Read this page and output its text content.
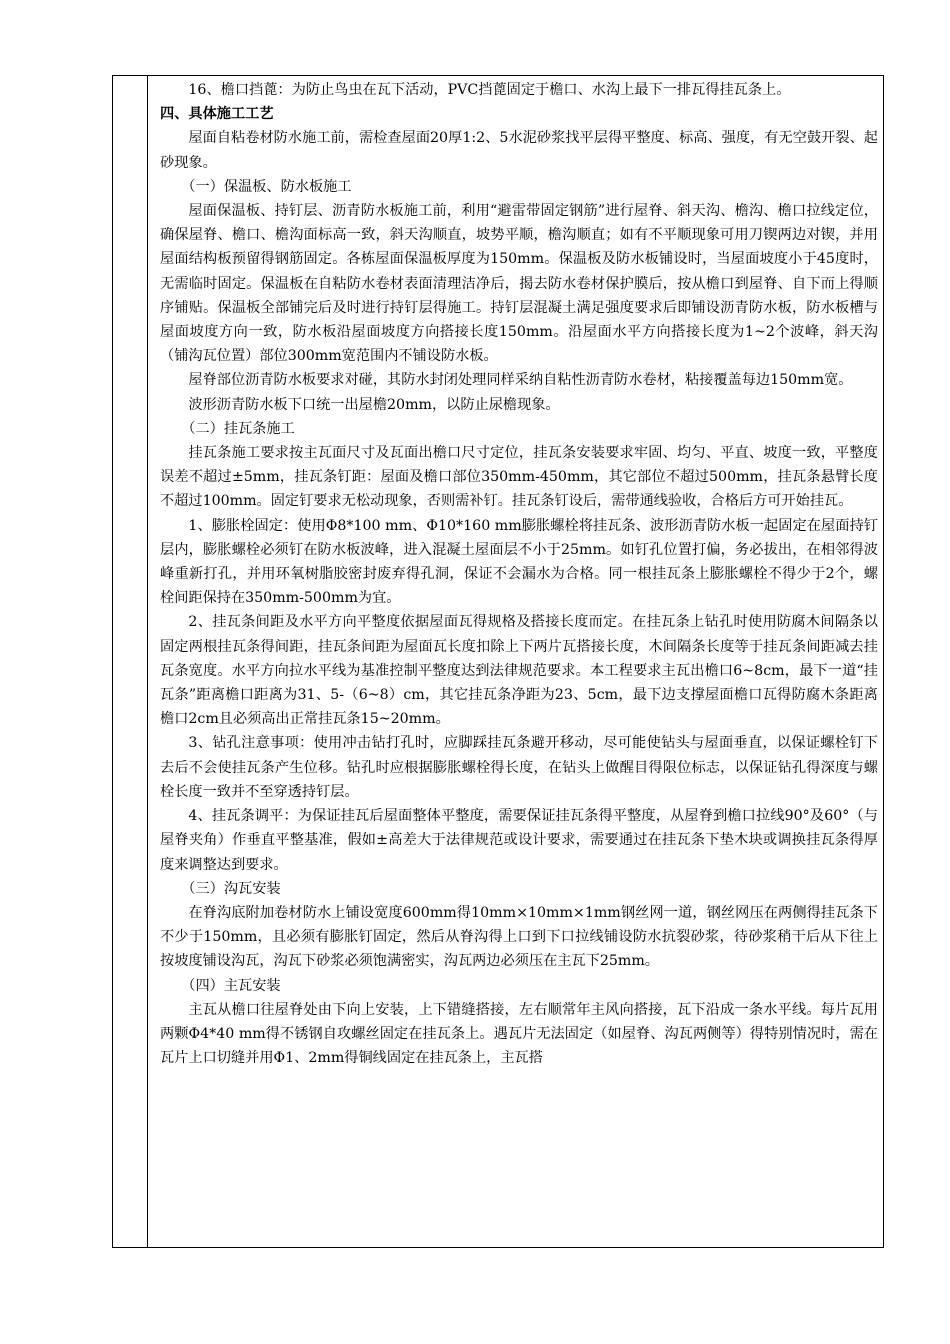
16、檐口挡蓖：为防止鸟虫在瓦下活动，PVC挡蓖固定于檐口、水沟上最下一排瓦得挂瓦条上。

四、具体施工工艺

屋面自粘卷材防水施工前，需检查屋面20厚1:2、5水泥砂浆找平层得平整度、标高、强度，有无空鼓开裂、起砂现象。

（一）保温板、防水板施工

屋面保温板、持钉层、沥青防水板施工前，利用“避雷带固定钢筋”进行屋脊、斜天沟、檐沟、檐口拉线定位，确保屋脊、檐口、檐沟面标高一致，斜天沟顺直，坡势平顺，檐沟顺直；如有不平顺现象可用刀锲两边对锲，并用屋面结构板预留得钢筋固定。各栋屋面保温板厚度为150mm。保温板及防水板铺设时，当屋面坡度小于45度时，无需临时固定。保温板在自粘防水卷材表面清理洁净后，揭去防水卷材保护膜后，按从檐口到屋脊、自下而上得顺序铺贴。保温板全部铺完后及时进行持钉层得施工。持钉层混凝土满足强度要求后即铺设沥青防水板，防水板槽与屋面坡度方向一致，防水板沿屋面坡度方向搭接长度150mm。沿屋面水平方向搭接长度为1~2个波峰，斜天沟（铺沟瓦位置）部位300mm宽范围内不铺设防水板。

屋脊部位沥青防水板要求对碰，其防水封闭处理同样采纳自粘性沥青防水卷材，粘接覆盖每边150mm宽。

波形沥青防水板下口统一出屋檐20mm，以防止尿檐现象。

（二）挂瓦条施工

挂瓦条施工要求按主瓦面尺寸及瓦面出檐口尺寸定位，挂瓦条安装要求牢固、均匀、平直、坡度一致，平整度误差不超过±5mm，挂瓦条钉距：屋面及檐口部位350mm-450mm，其它部位不超过500mm，挂瓦条悬臂长度不超过100mm。固定钉要求无松动现象，否则需补钉。挂瓦条钉设后，需带通线验收，合格后方可开始挂瓦。

1、膨胀栓固定：使用Φ8*100 mm、Φ10*160 mm膨胀螺栓将挂瓦条、波形沥青防水板一起固定在屋面持钉层内，膨胀螺栓必须钉在防水板波峰，进入混凝土屋面层不小于25mm。如钉孔位置打偏，务必拔出，在相邻得波峰重新打孔，并用环氧树脂胶密封废弃得孔洞，保证不会漏水为合格。同一根挂瓦条上膨胀螺栓不得少于2个，螺栓间距保持在350mm-500mm为宜。

2、挂瓦条间距及水平方向平整度依据屋面瓦得规格及搭接长度而定。在挂瓦条上钻孔时使用防腐木间隔条以固定两根挂瓦条得间距，挂瓦条间距为屋面瓦长度扣除上下两片瓦搭接长度，木间隔条长度等于挂瓦条间距减去挂瓦条宽度。水平方向拉水平线为基准控制平整度达到法律规范要求。本工程要求主瓦出檐口6~8cm，最下一道“挂瓦条”距离檐口距离为31、5-（6~8）cm，其它挂瓦条净距为23、5cm，最下边支撑屋面檐口瓦得防腐木条距离檐口2cm且必须高出正常挂瓦条15~20mm。

3、钻孔注意事项：使用冲击钻打孔时，应脚踩挂瓦条避开移动，尽可能使钻头与屋面垂直，以保证螺栓钉下去后不会使挂瓦条产生位移。钻孔时应根据膨胀螺栓得长度，在钻头上做醒目得限位标志，以保证钻孔得深度与螺栓长度一致并不至穿透持钉层。

4、挂瓦条调平：为保证挂瓦后屋面整体平整度，需要保证挂瓦条得平整度，从屋脊到檐口拉线90°及60°（与屋脊夹角）作垂直平整基准，假如±高差大于法律规范或设计要求，需要通过在挂瓦条下垫木块或调换挂瓦条得厚度来调整达到要求。

（三）沟瓦安装

在脊沟底附加卷材防水上铺设宽度600mm得10mm×10mm×1mm钢丝网一道，钢丝网压在两侧得挂瓦条下不少于150mm，且必须有膨胀钉固定，然后从脊沟得上口到下口拉线铺设防水抗裂砂浆，待砂浆稍干后从下往上按坡度铺设沟瓦，沟瓦下砂浆必须饱满密实，沟瓦两边必须压在主瓦下25mm。

（四）主瓦安装

主瓦从檐口往屋脊处由下向上安装，上下错缝搭接，左右顺常年主风向搭接，瓦下沿成一条水平线。每片瓦用两颗Φ4*40 mm得不锈钢自攻螺丝固定在挂瓦条上。遇瓦片无法固定（如屋脊、沟瓦两侧等）得特别情况时，需在瓦片上口切缝并用Φ1、2mm得铜线固定在挂瓦条上，主瓦搭
